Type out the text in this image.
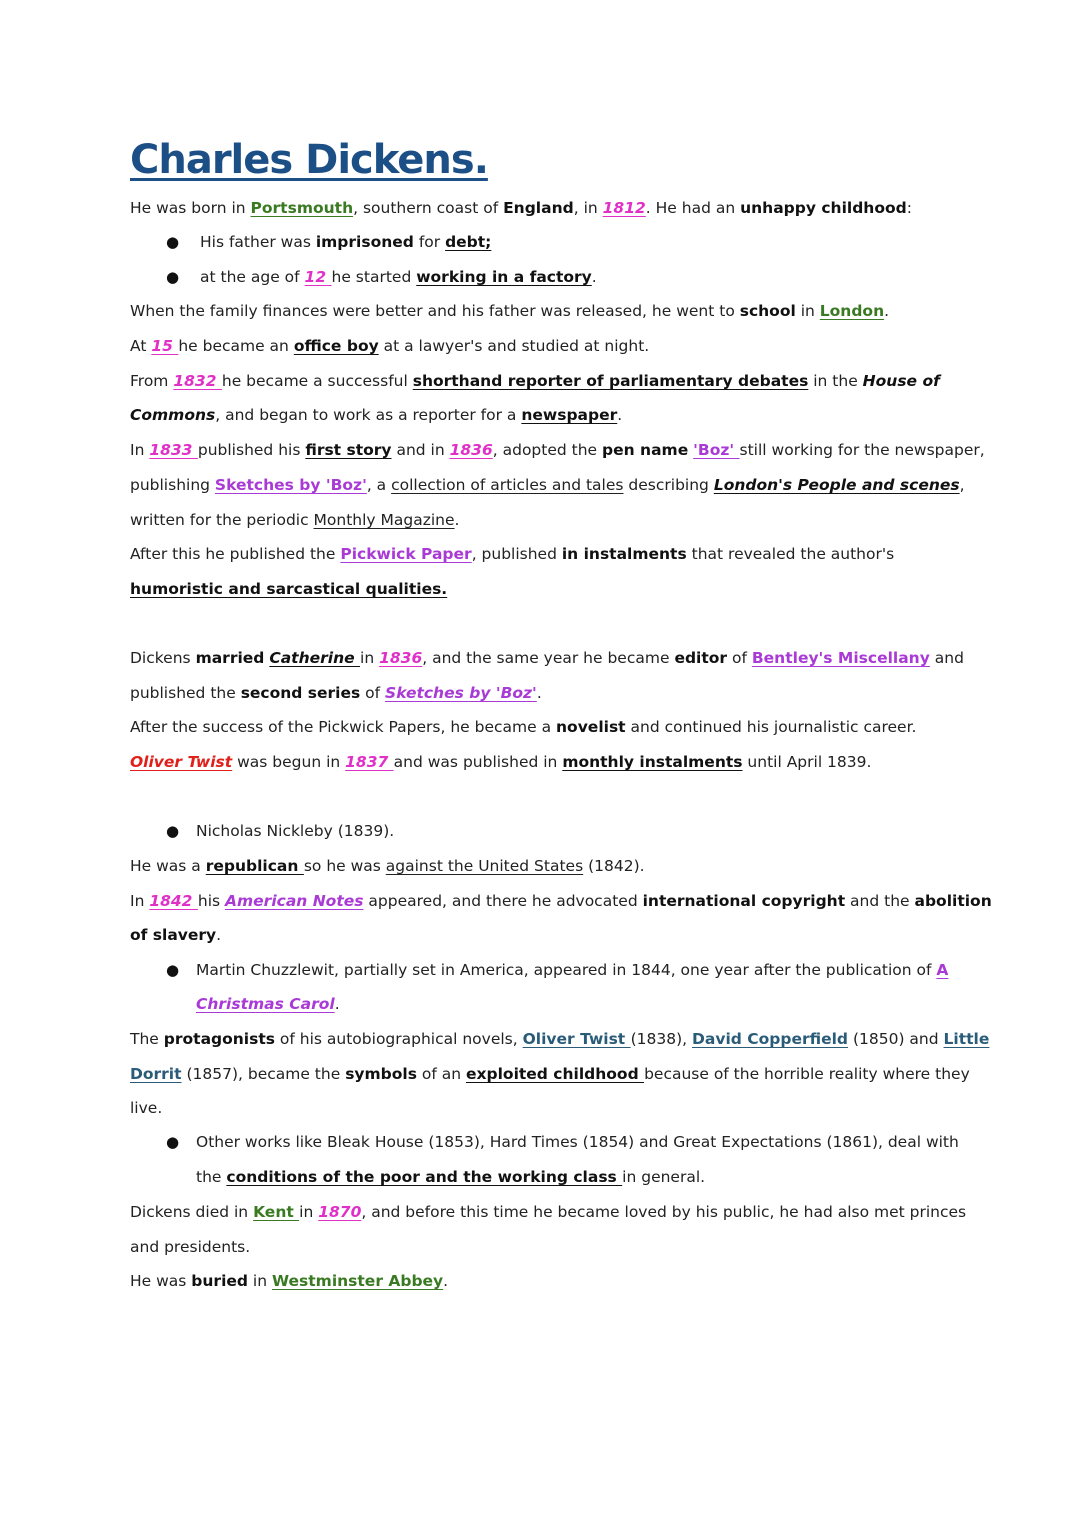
Charles Dickens.
He was born in Portsmouth, southern coast of England, in 1812. He had an unhappy childhood:
● His father was imprisoned for debt;
● at the age of 12 he started working in a factory.
When the family finances were better and his father was released, he went to school in London.
At 15 he became an office boy at a lawyer's and studied at night.
From 1832 he became a successful shorthand reporter of parliamentary debates in the House of
Commons, and began to work as a reporter for a newspaper.
In 1833 published his first story and in 1836, adopted the pen name 'Boz' still working for the newspaper,
publishing Sketches by 'Boz', a collection of articles and tales describing London's People and scenes,
written for the periodic Monthly Magazine.
After this he published the Pickwick Paper, published in instalments that revealed the author's
humoristic and sarcastical qualities.
Dickens married Catherine in 1836, and the same year he became editor of Bentley's Miscellany and
published the second series of Sketches by 'Boz'.
After the success of the Pickwick Papers, he became a novelist and continued his journalistic career.
Oliver Twist was begun in 1837 and was published in monthly instalments until April 1839.
● Nicholas Nickleby (1839).
He was a republican so he was against the United States (1842).
In 1842 his American Notes appeared, and there he advocated international copyright and the abolition
of slavery.
● Martin Chuzzlewit, partially set in America, appeared in 1844, one year after the publication of A
Christmas Carol.
The protagonists of his autobiographical novels, Oliver Twist (1838), David Copperfield (1850) and Little
Dorrit (1857), became the symbols of an exploited childhood because of the horrible reality where they
live.
● Other works like Bleak House (1853), Hard Times (1854) and Great Expectations (1861), deal with
the conditions of the poor and the working class in general.
Dickens died in Kent in 1870, and before this time he became loved by his public, he had also met princes
and presidents.
He was buried in Westminster Abbey.
